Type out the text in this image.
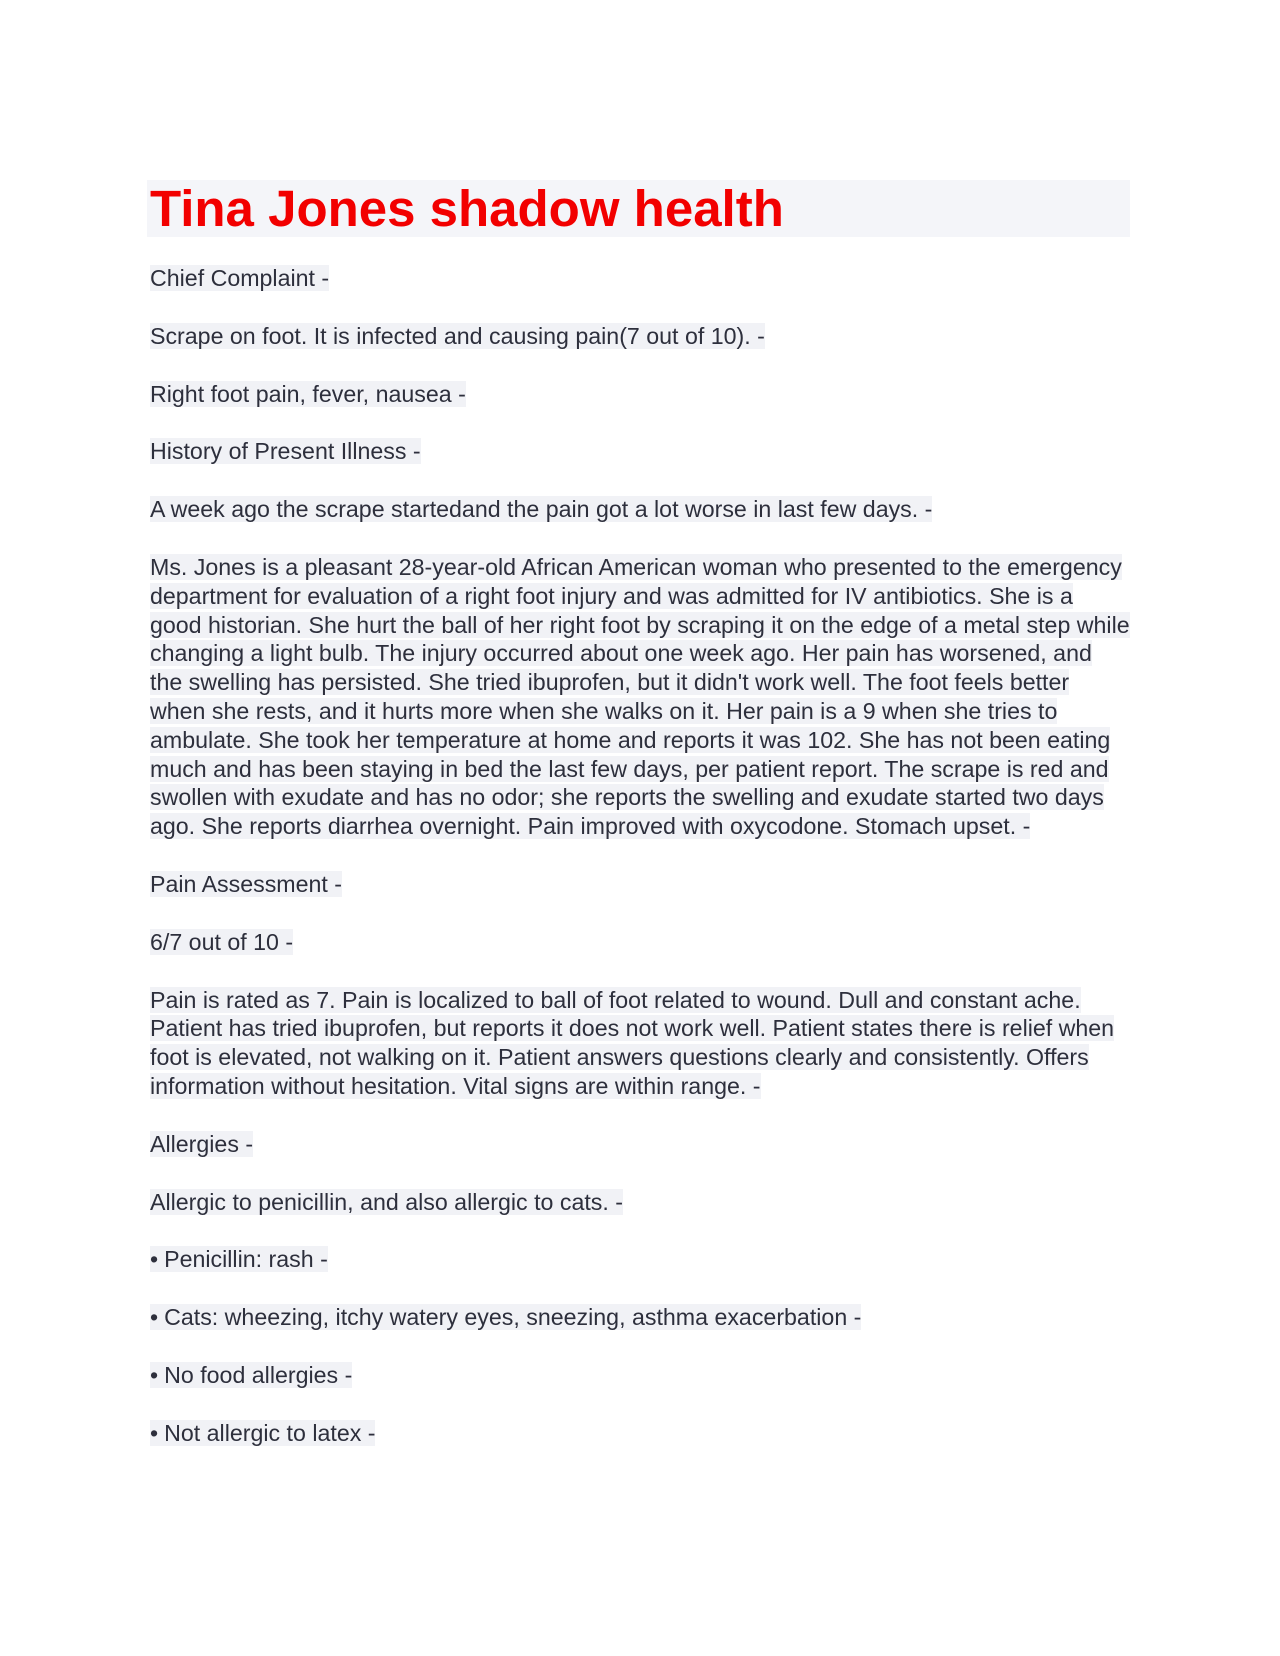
Tina Jones shadow health

Chief Complaint -

Scrape on foot. It is infected and causing pain(7 out of 10). -

Right foot pain, fever, nausea -

History of Present Illness -

A week ago the scrape startedand the pain got a lot worse in last few days. -

Ms. Jones is a pleasant 28-year-old African American woman who presented to the emergency department for evaluation of a right foot injury and was admitted for IV antibiotics. She is a good historian. She hurt the ball of her right foot by scraping it on the edge of a metal step while changing a light bulb. The injury occurred about one week ago. Her pain has worsened, and the swelling has persisted. She tried ibuprofen, but it didn't work well. The foot feels better when she rests, and it hurts more when she walks on it. Her pain is a 9 when she tries to ambulate. She took her temperature at home and reports it was 102. She has not been eating much and has been staying in bed the last few days, per patient report. The scrape is red and swollen with exudate and has no odor; she reports the swelling and exudate started two days ago. She reports diarrhea overnight. Pain improved with oxycodone. Stomach upset. -

Pain Assessment -

6/7 out of 10 -

Pain is rated as 7. Pain is localized to ball of foot related to wound. Dull and constant ache. Patient has tried ibuprofen, but reports it does not work well. Patient states there is relief when foot is elevated, not walking on it. Patient answers questions clearly and consistently. Offers information without hesitation. Vital signs are within range. -

Allergies -

Allergic to penicillin, and also allergic to cats. -

• Penicillin: rash -

• Cats: wheezing, itchy watery eyes, sneezing, asthma exacerbation -

• No food allergies -

• Not allergic to latex -
